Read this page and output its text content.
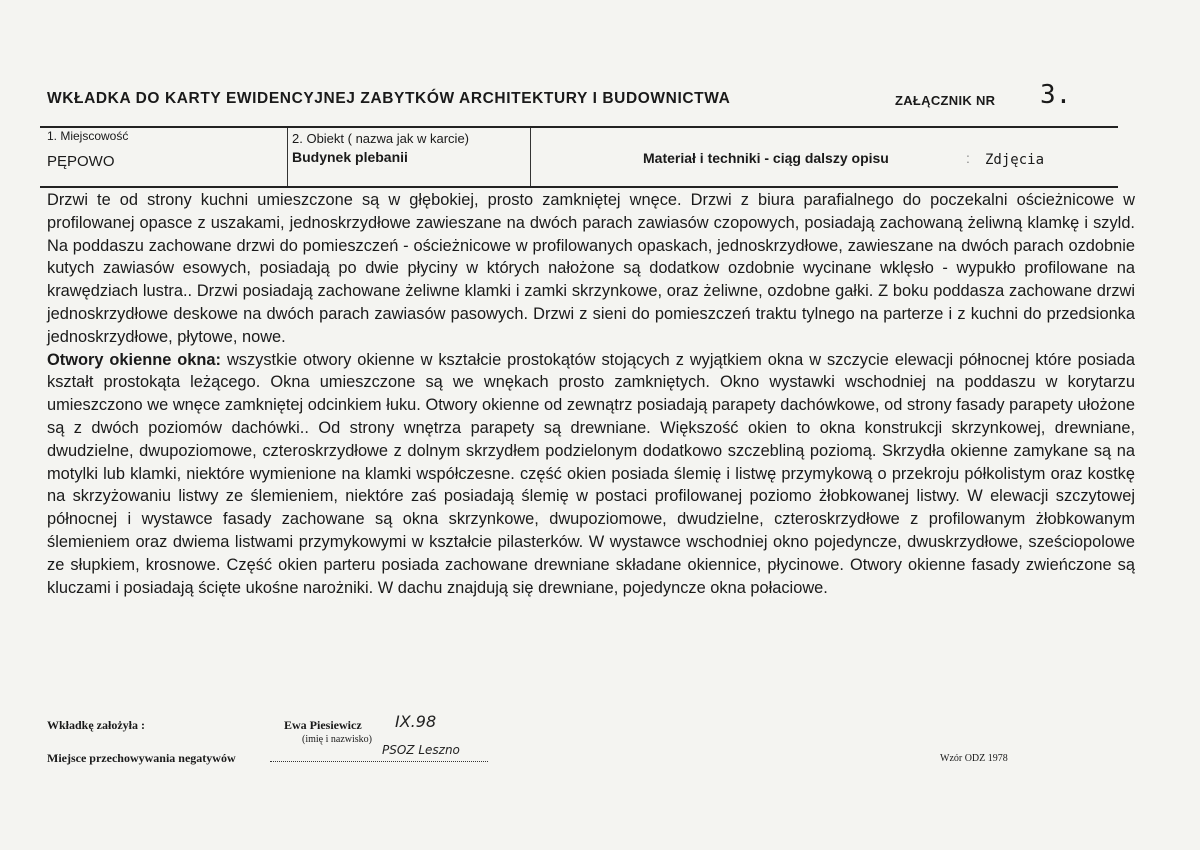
WKŁADKA DO KARTY EWIDENCYJNEJ ZABYTKÓW ARCHITEKTURY I BUDOWNICTWA	ZAŁĄCZNIK NR 3.
1. Miejscowość
PĘPOWO
2. Obiekt ( nazwa jak w karcie)
Budynek plebanii	Materiał i techniki - ciąg dalszy opisu	: Zdjęcia

Drzwi te od strony kuchni umieszczone są w głębokiej, prosto zamkniętej wnęce. Drzwi z biura parafialnego do poczekalni ościeżnicowe w profilowanej opasce z uszakami, jednoskrzydłowe zawieszane na dwóch parach zawiasów czopowych, posiadają zachowaną żeliwną klamkę i szyld. Na poddaszu zachowane drzwi do pomieszczeń - ościeżnicowe w profilowanych opaskach, jednoskrzydłowe, zawieszane na dwóch parach ozdobnie kutych zawiasów esowych, posiadają po dwie płyciny w których nałożone są dodatkow ozdobnie wycinane wklęsło - wypukło profilowane na krawędziach lustra.. Drzwi posiadają zachowane żeliwne klamki i zamki skrzynkowe, oraz żeliwne, ozdobne gałki. Z boku poddasza zachowane drzwi jednoskrzydłowe deskowe na dwóch parach zawiasów pasowych. Drzwi z sieni do pomieszczeń traktu tylnego na parterze i z kuchni do przedsionka jednoskrzydłowe, płytowe, nowe.

Otwory okienne okna: wszystkie otwory okienne w kształcie prostokątów stojących z wyjątkiem okna w szczycie elewacji północnej które posiada kształt prostokąta leżącego. Okna umieszczone są we wnękach prosto zamkniętych. Okno wystawki wschodniej na poddaszu w korytarzu umieszczono we wnęce zamkniętej odcinkiem łuku. Otwory okienne od zewnątrz posiadają parapety dachówkowe, od strony fasady parapety ułożone są z dwóch poziomów dachówki.. Od strony wnętrza parapety są drewniane. Większość okien to okna konstrukcji skrzynkowej, drewniane, dwudzielne, dwupoziomowe, czteroskrzydłowe z dolnym skrzydłem podzielonym dodatkowo szczebliną poziomą. Skrzydła okienne zamykane są na motylki lub klamki, niektóre wymienione na klamki współczesne. część okien posiada ślemię i listwę przymykową o przekroju półkolistym oraz kostkę na skrzyżowaniu listwy ze ślemieniem, niektóre zaś posiadają ślemię w postaci profilowanej poziomo żłobkowanej listwy. W elewacji szczytowej północnej i wystawce fasady zachowane są okna skrzynkowe, dwupoziomowe, dwudzielne, czteroskrzydłowe z profilowanym żłobkowanym ślemieniem oraz dwiema listwami przymykowymi w kształcie pilasterków. W wystawce wschodniej okno pojedyncze, dwuskrzydłowe, sześciopolowe ze słupkiem, krosnowe. Część okien parteru posiada zachowane drewniane składane okiennice, płycinowe. Otwory okienne fasady zwieńczone są kluczami i posiadają ścięte ukośne narożniki. W dachu znajdują się drewniane, pojedyncze okna połaciowe.

Wkładkę założyła :	Ewa Piesiewicz IX.98
(imię i nazwisko)
Miejsce przechowywania negatywów
PSOZ Leszno
Wzór ODZ 1978
